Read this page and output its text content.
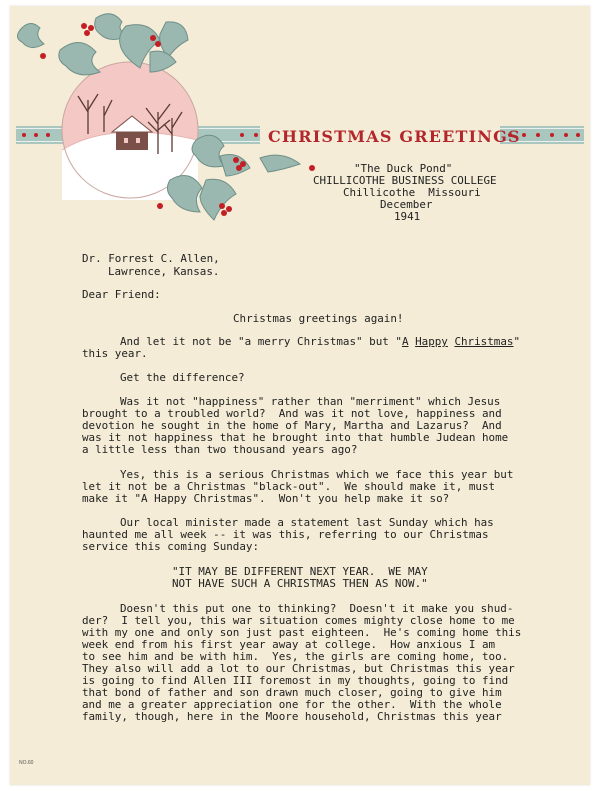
CHRISTMAS GREETINGS

"The Duck Pond"

CHILLICOTHE BUSINESS COLLEGE

Chillicothe  Missouri

December

1941

Dr. Forrest C. Allen,

Lawrence, Kansas.

Dear Friend:

Christmas greetings again!

And let it not be "a merry Christmas" but "A Happy Christmas"

this year.

Get the difference?

Was it not "happiness" rather than "merriment" which Jesus

brought to a troubled world?  And was it not love, happiness and

devotion he sought in the home of Mary, Martha and Lazarus?  And

was it not happiness that he brought into that humble Judean home

a little less than two thousand years ago?

Yes, this is a serious Christmas which we face this year but

let it not be a Christmas "black-out".  We should make it, must

make it "A Happy Christmas".  Won't you help make it so?

Our local minister made a statement last Sunday which has

haunted me all week -- it was this, referring to our Christmas

service this coming Sunday:

"IT MAY BE DIFFERENT NEXT YEAR.  WE MAY

NOT HAVE SUCH A CHRISTMAS THEN AS NOW."

Doesn't this put one to thinking?  Doesn't it make you shud-

der?  I tell you, this war situation comes mighty close home to me

with my one and only son just past eighteen.  He's coming home this

week end from his first year away at college.  How anxious I am

to see him and be with him.  Yes, the girls are coming home, too.

They also will add a lot to our Christmas, but Christmas this year

is going to find Allen III foremost in my thoughts, going to find

that bond of father and son drawn much closer, going to give him

and me a greater appreciation one for the other.  With the whole

family, though, here in the Moore household, Christmas this year

NO.60
